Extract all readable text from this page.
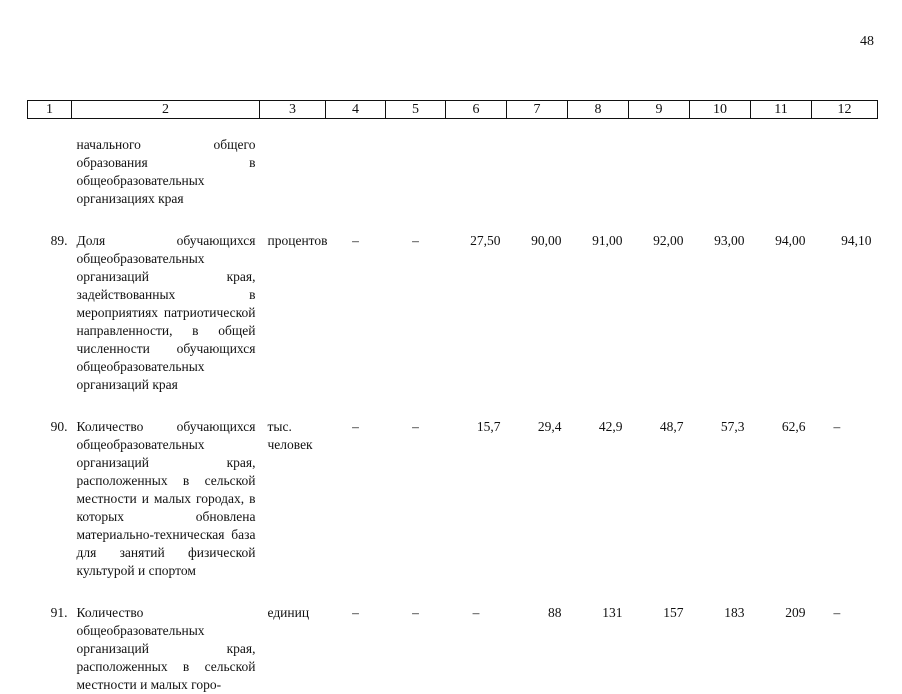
48
1	2	3	4	5	6	7	8	9	10	11	12
	начального общего образования в общеобразовательных организациях края										
89.	Доля обучающихся общеобразовательных организаций края, задействованных в мероприятиях патриотической направленности, в общей численности обучающихся общеобразовательных организаций края	процентов	–	–	27,50	90,00	91,00	92,00	93,00	94,00	94,10
90.	Количество обучающихся общеобразовательных организаций края, расположенных в сельской местности и малых городах, в которых обновлена материально-техническая база для занятий физической культурой и спортом	тыс. человек	–	–	15,7	29,4	42,9	48,7	57,3	62,6	–
91.	Количество общеобразовательных организаций края, расположенных в сельской местности и малых горо-	единиц	–	–	–	88	131	157	183	209	–
